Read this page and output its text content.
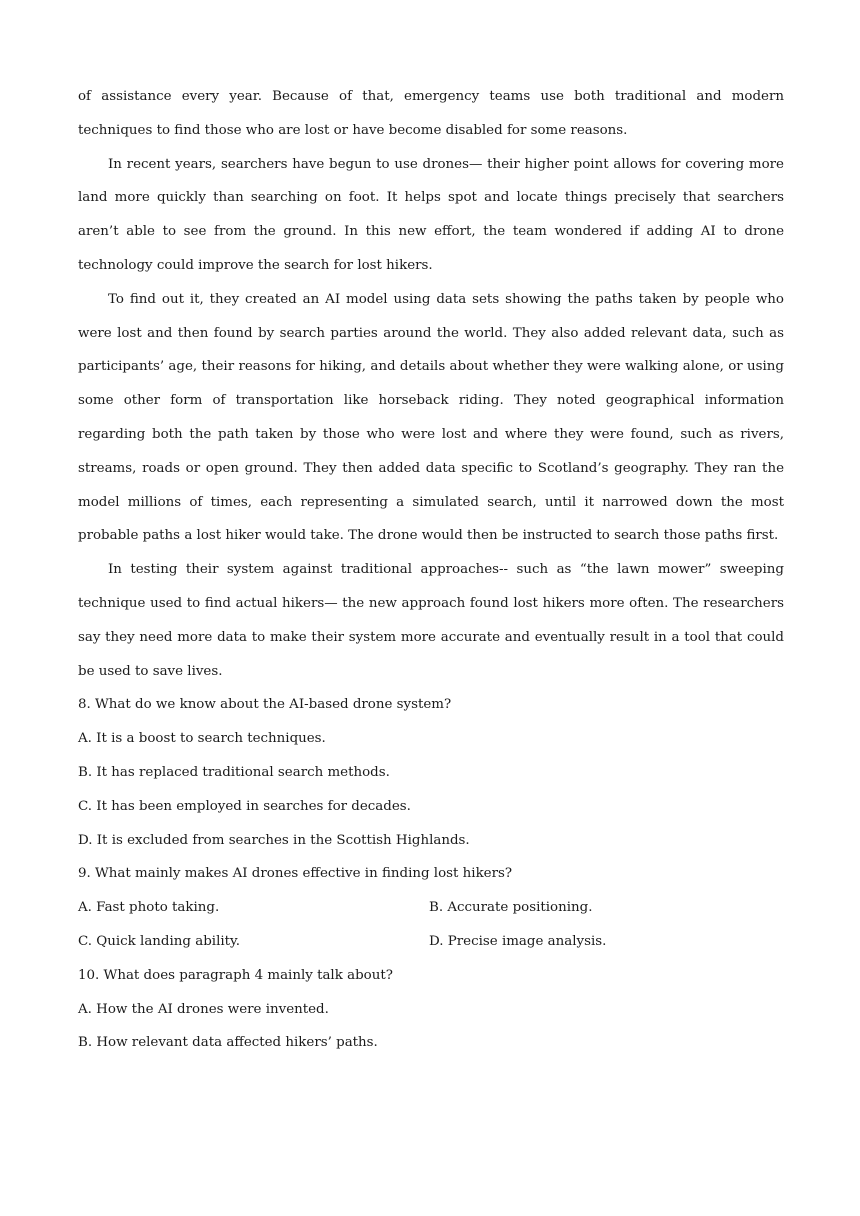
of assistance every year. Because of that, emergency teams use both traditional and modern techniques to find those who are lost or have become disabled for some reasons.

In recent years, searchers have begun to use drones— their higher point allows for covering more land more quickly than searching on foot. It helps spot and locate things precisely that searchers aren’t able to see from the ground. In this new effort, the team wondered if adding AI to drone technology could improve the search for lost hikers.

To find out it, they created an AI model using data sets showing the paths taken by people who were lost and then found by search parties around the world. They also added relevant data, such as participants’ age, their reasons for hiking, and details about whether they were walking alone, or using some other form of transportation like horseback riding. They noted geographical information regarding both the path taken by those who were lost and where they were found, such as rivers, streams, roads or open ground. They then added data specific to Scotland’s geography. They ran the model millions of times, each representing a simulated search, until it narrowed down the most probable paths a lost hiker would take. The drone would then be instructed to search those paths first.

In testing their system against traditional approaches-- such as “the lawn mower” sweeping technique used to find actual hikers— the new approach found lost hikers more often. The researchers say they need more data to make their system more accurate and eventually result in a tool that could be used to save lives.

8. What do we know about the AI-based drone system?

A. It is a boost to search techniques.

B. It has replaced traditional search methods.

C. It has been employed in searches for decades.

D. It is excluded from searches in the Scottish Highlands.

9. What mainly makes AI drones effective in finding lost hikers?

A. Fast photo taking.	B. Accurate positioning.
C. Quick landing ability.	D. Precise image analysis.

10. What does paragraph 4 mainly talk about?

A. How the AI drones were invented.

B. How relevant data affected hikers’ paths.
